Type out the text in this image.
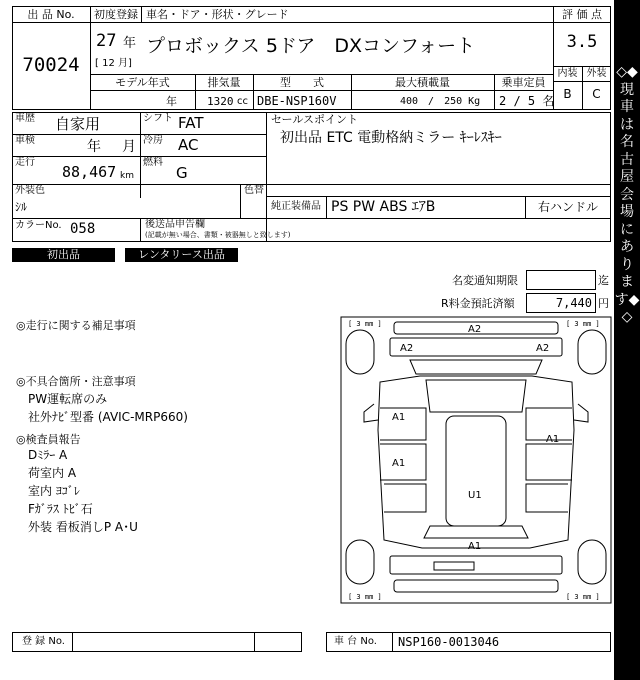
出 品 No.
70024
初度登録 車名・ドア・形状・グレード
27 年
[ 12 月]
プロボックス 5ドア　DXコンフォート
評 価 点
3.5
内装 外装
B	C
モデル年式	排気量	型　　式	最大積載量	乗車定員
年	1320 cc DBE-NSP160V	400　/　250 Kg 2 / 5 名
車歴 自家用	シフト FAT
車検	年 月 冷房 AC
走行
88,467 km
燃料
G
セールスポイント
初出品 ETC 電動格納ミラー ｷｰﾚｽｷｰ
外装色
ｼﾙ
色替
純正装備品 PS PW ABS ｴｱB	右ハンドル
カラーNo. 058	後送品申告欄
(記載が無い場合、書類・被器無しと致します)
初出品	レンタリース出品
名変通知期限	迄
R料金預託済額	7,440 円
◎走行に関する補足事項
◎不具合箇所・注意事項
PW運転席のみ
社外ﾅﾋﾞ型番 (AVIC-MRP660)
◎検査員報告
Dﾐﾗｰ A
荷室内 A
室内 ﾖｺﾞﾚ
Fｶﾞﾗｽ ﾄﾋﾞ石
外装 看板消しP A･U
[ 3 mm ]	[ 3 mm ]
[ 3 mm ]	[ 3 mm ]
A2
A2	A2
A1
A1
A1
U1
A1
登 録 No.	車 台 No. NSP160-0013046
◇◆現車は名古屋会場にあります◆◇
